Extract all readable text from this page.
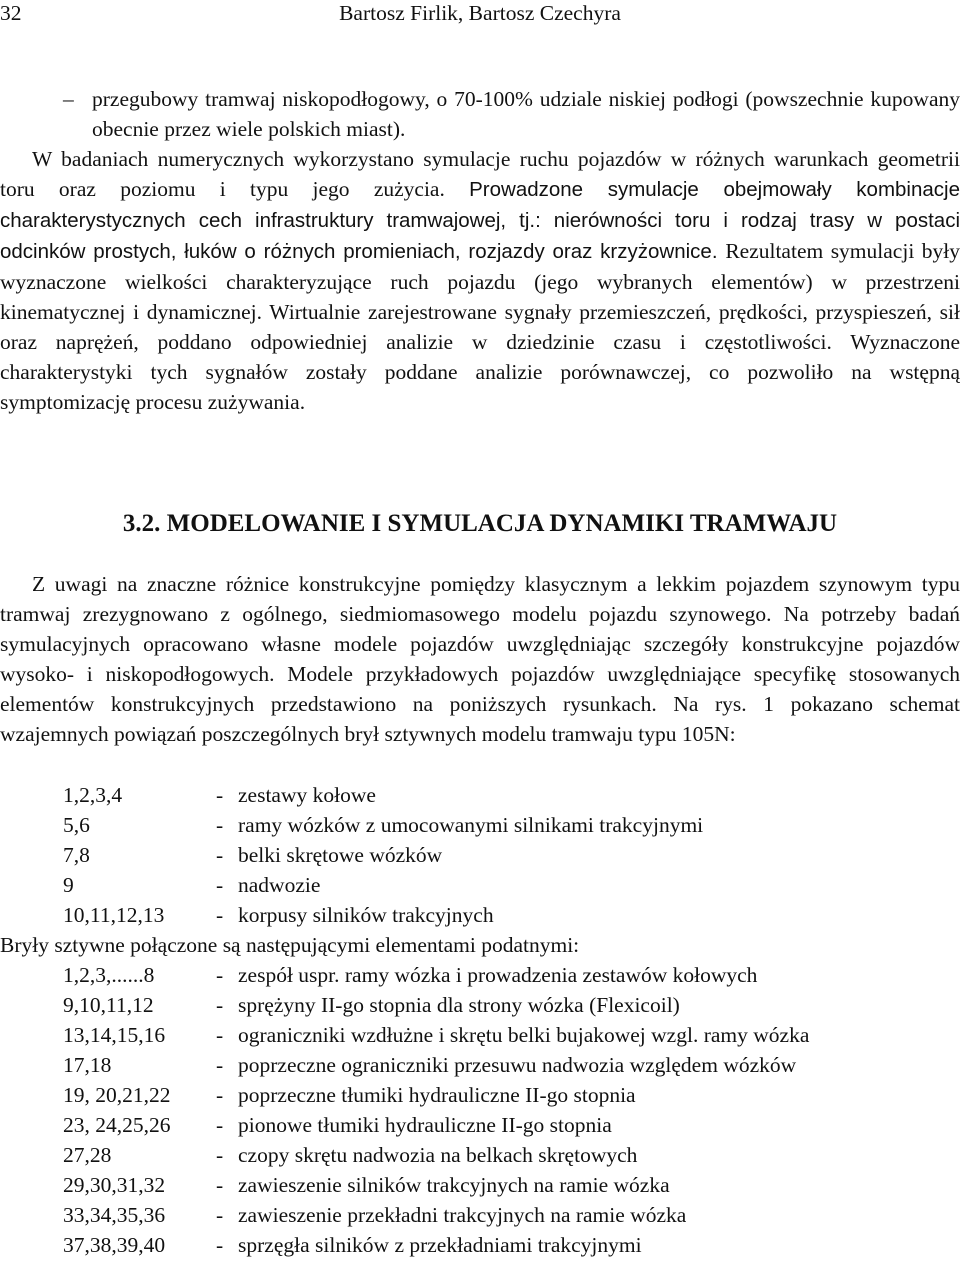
32	Bartosz Firlik, Bartosz Czechyra
– przegubowy tramwaj niskopodłogowy, o 70-100% udziale niskiej podłogi (powszechnie kupowany obecnie przez wiele polskich miast).
W badaniach numerycznych wykorzystano symulacje ruchu pojazdów w różnych warunkach geometrii toru oraz poziomu i typu jego zużycia. Prowadzone symulacje obejmowały kombinacje charakterystycznych cech infrastruktury tramwajowej, tj.: nierówności toru i rodzaj trasy w postaci odcinków prostych, łuków o różnych promieniach, rozjazdy oraz krzyżownice. Rezultatem symulacji były wyznaczone wielkości charakteryzujące ruch pojazdu (jego wybranych elementów) w przestrzeni kinematycznej i dynamicznej. Wirtualnie zarejestrowane sygnały przemieszczeń, prędkości, przyspieszeń, sił oraz naprężeń, poddano odpowiedniej analizie w dziedzinie czasu i częstotliwości. Wyznaczone charakterystyki tych sygnałów zostały poddane analizie porównawczej, co pozwoliło na wstępną symptomizację procesu zużywania.
3.2. MODELOWANIE I SYMULACJA DYNAMIKI TRAMWAJU
Z uwagi na znaczne różnice konstrukcyjne pomiędzy klasycznym a lekkim pojazdem szynowym typu tramwaj zrezygnowano z ogólnego, siedmiomasowego modelu pojazdu szynowego. Na potrzeby badań symulacyjnych opracowano własne modele pojazdów uwzględniając szczegóły konstrukcyjne pojazdów wysoko- i niskopodłogowych. Modele przykładowych pojazdów uwzględniające specyfikę stosowanych elementów konstrukcyjnych przedstawiono na poniższych rysunkach. Na rys. 1 pokazano schemat wzajemnych powiązań poszczególnych brył sztywnych modelu tramwaju typu 105N:
1,2,3,4	- zestawy kołowe
5,6	- ramy wózków z umocowanymi silnikami trakcyjnymi
7,8	- belki skrętowe wózków
9	- nadwozie
10,11,12,13 - korpusy silników trakcyjnych
Bryły sztywne połączone są następującymi elementami podatnymi:
1,2,3,......8	- zespół uspr. ramy wózka i prowadzenia zestawów kołowych
9,10,11,12	- sprężyny II-go stopnia dla strony wózka (Flexicoil)
13,14,15,16 - ograniczniki wzdłużne i skrętu belki bujakowej wzgl. ramy wózka
17,18	- poprzeczne ograniczniki przesuwu nadwozia względem wózków
19, 20,21,22 - poprzeczne tłumiki hydrauliczne II-go stopnia
23, 24,25,26 - pionowe tłumiki hydrauliczne II-go stopnia
27,28	- czopy skrętu nadwozia na belkach skrętowych
29,30,31,32 - zawieszenie silników trakcyjnych na ramie wózka
33,34,35,36 - zawieszenie przekładni trakcyjnych na ramie wózka
37,38,39,40 - sprzęgła silników z przekładniami trakcyjnymi
